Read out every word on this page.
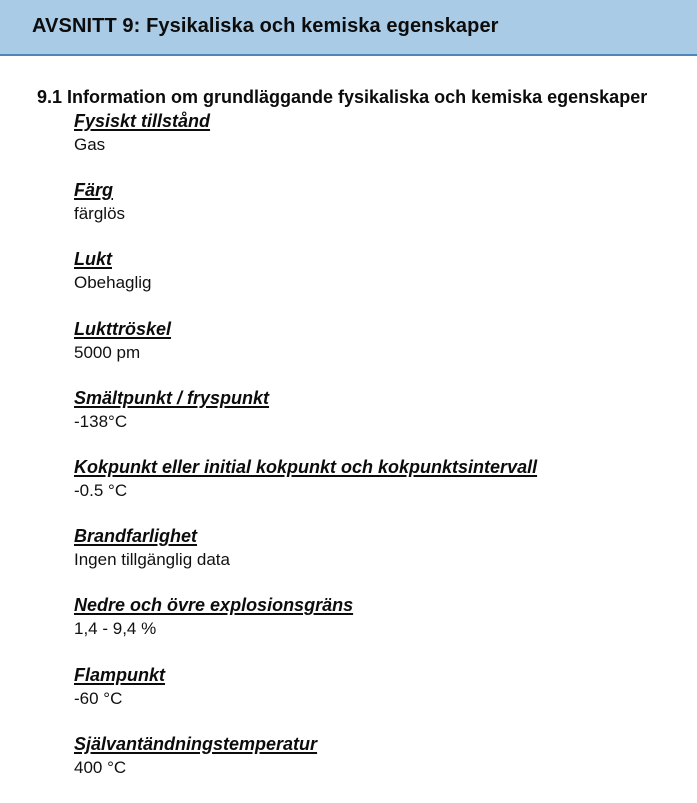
AVSNITT 9: Fysikaliska och kemiska egenskaper
9.1 Information om grundläggande fysikaliska och kemiska egenskaper
Fysiskt tillstånd
Gas
Färg
färglös
Lukt
Obehaglig
Lukttröskel
5000 pm
Smältpunkt / fryspunkt
-138°C
Kokpunkt eller initial kokpunkt och kokpunktsintervall
-0.5 °C
Brandfarlighet
Ingen tillgänglig data
Nedre och övre explosionsgräns
1,4 - 9,4 %
Flampunkt
-60 °C
Självantändningstemperatur
400 °C
